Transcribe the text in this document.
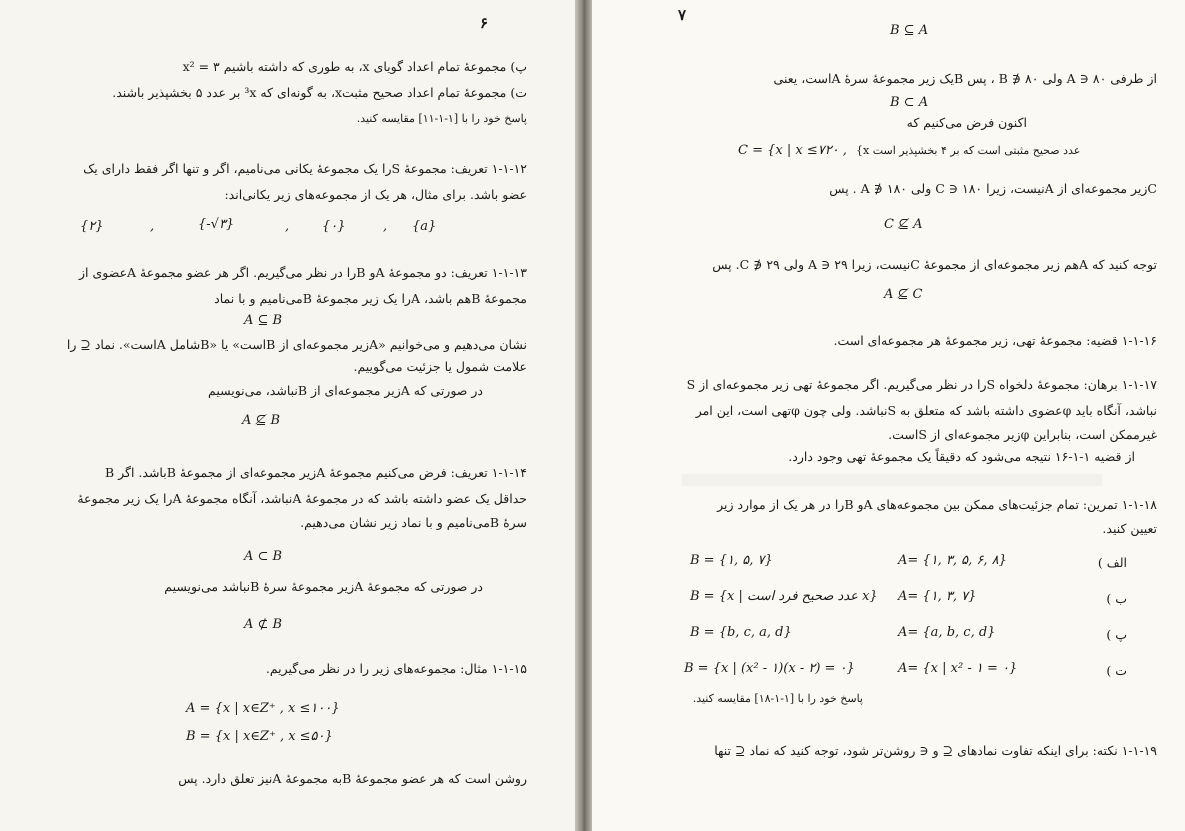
۶
پ) مجموعهٔ تمام اعداد گویای x، به طوری که داشته باشیم ۳ = x²
ت) مجموعهٔ تمام اعداد صحیح مثبتx، به گونه‌ای که ³x بر عدد ۵ بخشپذیر باشند.
پاسخ خود را با [۱-۱-۱۱] مقایسه کنید.
۱-۱-۱۲ تعریف: مجموعهٔ Sرا یک مجموعهٔ یکانی می‌نامیم، اگر و تنها اگر فقط دارای یک
عضو باشد. برای مثال، هر یک از مجموعه‌های زیر یکانی‌اند:
{۲}	,	{-√۳}	,	{۰}	, {a}
۱-۱-۱۳ تعریف: دو مجموعهٔ Aو Bرا در نظر می‌گیریم. اگر هر عضو مجموعهٔ Aعضوی از
مجموعهٔ Bهم باشد، Aرا یک زیر مجموعهٔ Bمی‌نامیم و با نماد
A ⊆ B
نشان می‌دهیم و می‌خوانیم «Aزیر مجموعه‌ای از Bاست» یا «Bشامل Aاست». نماد ⊆ را
علامت شمول یا جزئیت می‌گوییم.
در صورتی که Aزیر مجموعه‌ای از Bنباشد، می‌نویسیم
A ⊈ B
۱-۱-۱۴ تعریف: فرض می‌کنیم مجموعهٔ Aزیر مجموعه‌ای از مجموعهٔ Bباشد. اگر B
حداقل یک عضو داشته باشد که در مجموعهٔ Aنباشد، آنگاه مجموعهٔ Aرا یک زیر مجموعهٔ
سرهٔ Bمی‌نامیم و با نماد زیر نشان می‌دهیم.
A ⊂ B
در صورتی که مجموعهٔ Aزیر مجموعهٔ سرهٔ Bنباشد می‌نویسیم
A ⊄ B
۱-۱-۱۵ مثال: مجموعه‌های زیر را در نظر می‌گیریم.
A = {x | x∈Z⁺ , x ≤۱۰۰}
B = {x | x∈Z⁺ , x ≤۵۰}
روشن است که هر عضو مجموعهٔ Bبه مجموعهٔ Aنیز تعلق دارد. پس
۷
B ⊆ A
از طرفی A ∋ ۸۰ ولی B ∌ ۸۰ ، پس Bیک زیر مجموعهٔ سرهٔ Aاست، یعنی
B ⊂ A
اکنون فرض می‌کنیم که
C = {x | x ≤۷۲۰ , عدد صحیح مثبتی است که بر ۴ بخشپذیر است x}
Cزیر مجموعه‌ای از Aنیست، زیرا C ∋ ۱۸۰ ولی A ∌ ۱۸۰ . پس
C ⊈ A
توجه کنید که Aهم زیر مجموعه‌ای از مجموعهٔ Cنیست، زیرا A ∋ ۲۹ ولی C ∌ ۲۹. پس
A ⊈ C
۱-۱-۱۶ قضیه: مجموعهٔ تهی، زیر مجموعهٔ هر مجموعه‌ای است.
۱-۱-۱۷ برهان: مجموعهٔ دلخواه Sرا در نظر می‌گیریم. اگر مجموعهٔ تهی زیر مجموعه‌ای از S
نباشد، آنگاه باید φعضوی داشته باشد که متعلق به Sنباشد. ولی چون φتهی است، این امر
غیرممکن است، بنابراین φزیر مجموعه‌ای از Sاست.
از قضیه ۱-۱-۱۶ نتیجه می‌شود که دقیقاً یک مجموعهٔ تهی وجود دارد.
۱-۱-۱۸ تمرین: تمام جزئیت‌های ممکن بین مجموعه‌های Aو Bرا در هر یک از موارد زیر
تعیین کنید.
الف )
A= {۱, ۳, ۵, ۶, ۸}
B = {۱, ۵, ۷}
ب )
A= {۱, ۳, ۷}
B = {x | عدد صحیح فرد است x}
پ )
A= {a, b, c, d}
B = {b, c, a, d}
ت )
A= {x | x² - ۱ = ۰}
B = {x | (x² - ۱)(x - ۲) = ۰}
پاسخ خود را با [۱-۱-۱۸] مقایسه کنید.
۱-۱-۱۹ نکته: برای اینکه تفاوت نمادهای ⊆ و ∈ روشن‌تر شود، توجه کنید که نماد ⊆ تنها
